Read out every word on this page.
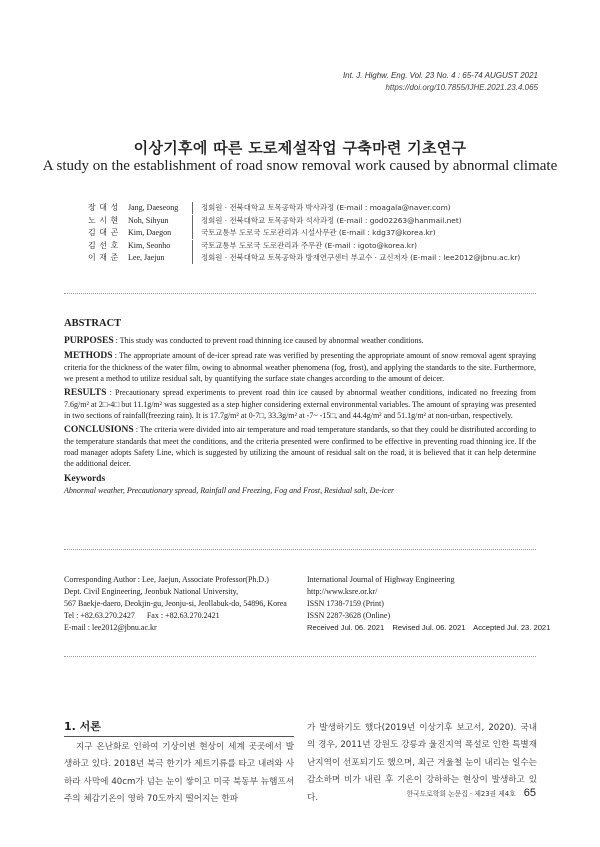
Int. J. Highw. Eng. Vol. 23 No. 4 : 65-74 AUGUST 2021
https://doi.org/10.7855/IJHE.2021.23.4.065
이상기후에 따른 도로제설작업 구축마련 기초연구
A study on the establishment of road snow removal work caused by abnormal climate
장 대 성	Jang, Daeseong	정회원 · 전북대학교 토목공학과 박사과정 (E-mail : moagala@naver.com)
노 시 현	Noh, Sihyun	정회원 · 전북대학교 토목공학과 석사과정 (E-mail : god02263@hanmail.net)
김 대 곤	Kim, Daegon	국토교통부 도로국 도로관리과 시설사무관 (E-mail : kdg37@korea.kr)
김 선 호	Kim, Seonho	국토교통부 도로국 도로관리과 주무관 (E-mail : igoto@korea.kr)
이 재 준	Lee, Jaejun	정회원 · 전북대학교 토목공학과 방재연구센터 부교수 · 교신저자 (E-mail : lee2012@jbnu.ac.kr)
ABSTRACT

PURPOSES : This study was conducted to prevent road thinning ice caused by abnormal weather conditions.

METHODS : The appropriate amount of de-icer spread rate was verified by presenting the appropriate amount of snow removal agent spraying criteria for the thickness of the water film, owing to abnormal weather phenomena (fog, frost), and applying the standards to the site. Furthermore, we present a method to utilize residual salt, by quantifying the surface state changes according to the amount of deicer.

RESULTS : Precautionary spread experiments to prevent road thin ice caused by abnormal weather conditions, indicated no freezing from 7.6g/m² at 2□-4□ but 11.1g/m² was suggested as a step higher considering external environmental variables. The amount of spraying was presented in two sections of rainfall(freezing rain). It is 17.7g/m² at 0-7□, 33.3g/m² at -7~ -15□, and 44.4g/m² and 51.1g/m² at non-urban, respectively.

CONCLUSIONS : The criteria were divided into air temperature and road temperature standards, so that they could be distributed according to the temperature standards that meet the conditions, and the criteria presented were confirmed to be effective in preventing road thinning ice. If the road manager adopts Safety Line, which is suggested by utilizing the amount of residual salt on the road, it is believed that it can help determine the additional deicer.

Keywords
Abnormal weather, Precautionary spread, Rainfall and Freezing, Fog and Frost, Residual salt, De-icer
Corresponding Author : Lee, Jaejun, Associate Professor(Ph.D.)
Dept. Civil Engineering, Jeonbuk National University,
567 Baekje-daero, Deokjin-gu, Jeonju-si, Jeollabuk-do, 54896, Korea
Tel : +82.63.270.2427      Fax : +82.63.270.2421
E-mail : lee2012@jbnu.ac.kr
International Journal of Highway Engineering
http://www.ksre.or.kr/
ISSN 1738-7159 (Print)
ISSN 2287-3628 (Online)
Received Jul. 06. 2021 Revised Jul. 06. 2021 Accepted Jul. 23. 2021
1. 서론
지구 온난화로 인하여 기상이변 현상이 세계 곳곳에서 발생하고 있다. 2018년 북극 한기가 제트기류를 타고 내려와 사하라 사막에 40cm가 넘는 눈이 쌓이고 미국 북동부 뉴햄프셔 주의 체감기온이 영하 70도까지 떨어지는 한파
가 발생하기도 했다(2019년 이상기후 보고서, 2020). 국내의 경우, 2011년 강원도 강릉과 울진지역 폭설로 인한 특별재난지역이 선포되기도 했으며, 최근 겨울철 눈이 내리는 일수는 감소하며 비가 내린 후 기온이 강하하는 현상이 발생하고 있다.	한국도로학회 논문집 · 제23권 제4호 65
